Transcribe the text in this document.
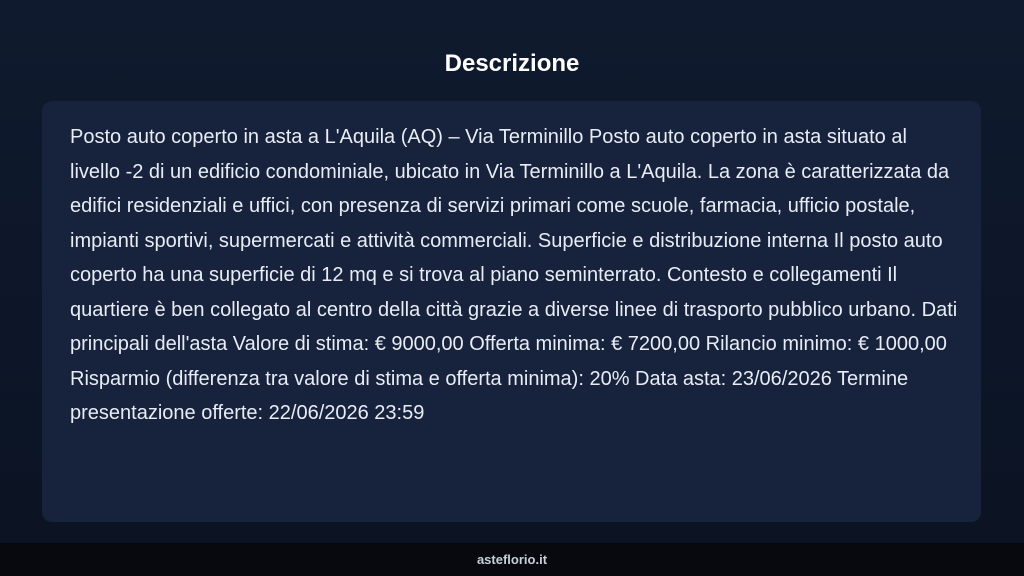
Descrizione

Posto auto coperto in asta a L'Aquila (AQ) – Via Terminillo Posto auto coperto in asta situato al livello -2 di un edificio condominiale, ubicato in Via Terminillo a L'Aquila. La zona è caratterizzata da edifici residenziali e uffici, con presenza di servizi primari come scuole, farmacia, ufficio postale, impianti sportivi, supermercati e attività commerciali. Superficie e distribuzione interna Il posto auto coperto ha una superficie di 12 mq e si trova al piano seminterrato. Contesto e collegamenti Il quartiere è ben collegato al centro della città grazie a diverse linee di trasporto pubblico urbano. Dati principali dell'asta Valore di stima: € 9000,00 Offerta minima: € 7200,00 Rilancio minimo: € 1000,00 Risparmio (differenza tra valore di stima e offerta minima): 20% Data asta: 23/06/2026 Termine presentazione offerte: 22/06/2026 23:59

asteflorio.it
